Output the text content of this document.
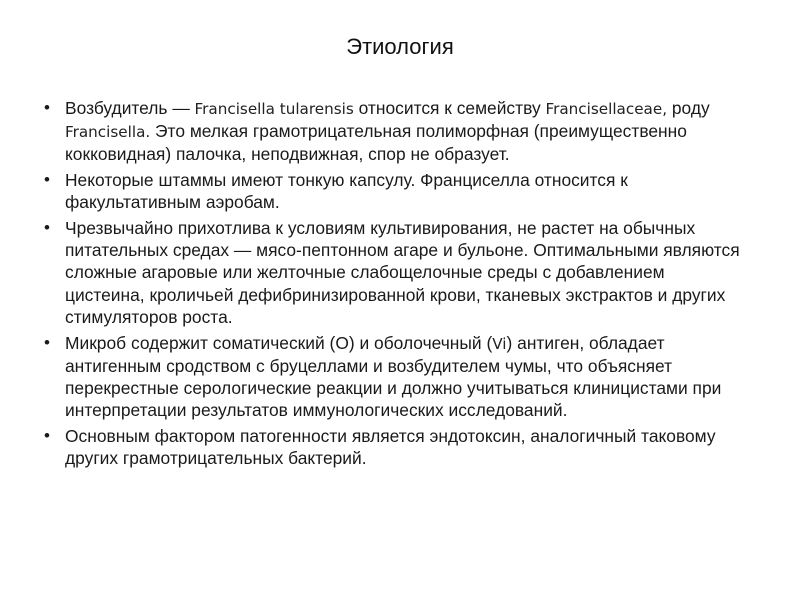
Этиология
• Возбудитель — Francisella tularensis относится к семейству Francisellaceae, роду Francisella. Это мелкая грамотрицательная полиморфная (преимущественно кокковидная) палочка, неподвижная, спор не образует.
• Некоторые штаммы имеют тонкую капсулу. Франциселла относится к факультативным аэробам.
• Чрезвычайно прихотлива к условиям культивирования, не растет на обычных питательных средах — мясо-пептонном агаре и бульоне. Оптимальными являются сложные агаровые или желточные слабощелочные среды с добавлением цистеина, кроличьей дефибринизированной крови, тканевых экстрактов и других стимуляторов роста.
• Микроб содержит соматический (О) и оболочечный (Vi) антиген, обладает антигенным сродством с бруцеллами и возбудителем чумы, что объясняет перекрестные серологические реакции и должно учитываться клиницистами при интерпретации результатов иммунологических исследований.
• Основным фактором патогенности является эндотоксин, аналогичный таковому других грамотрицательных бактерий.
